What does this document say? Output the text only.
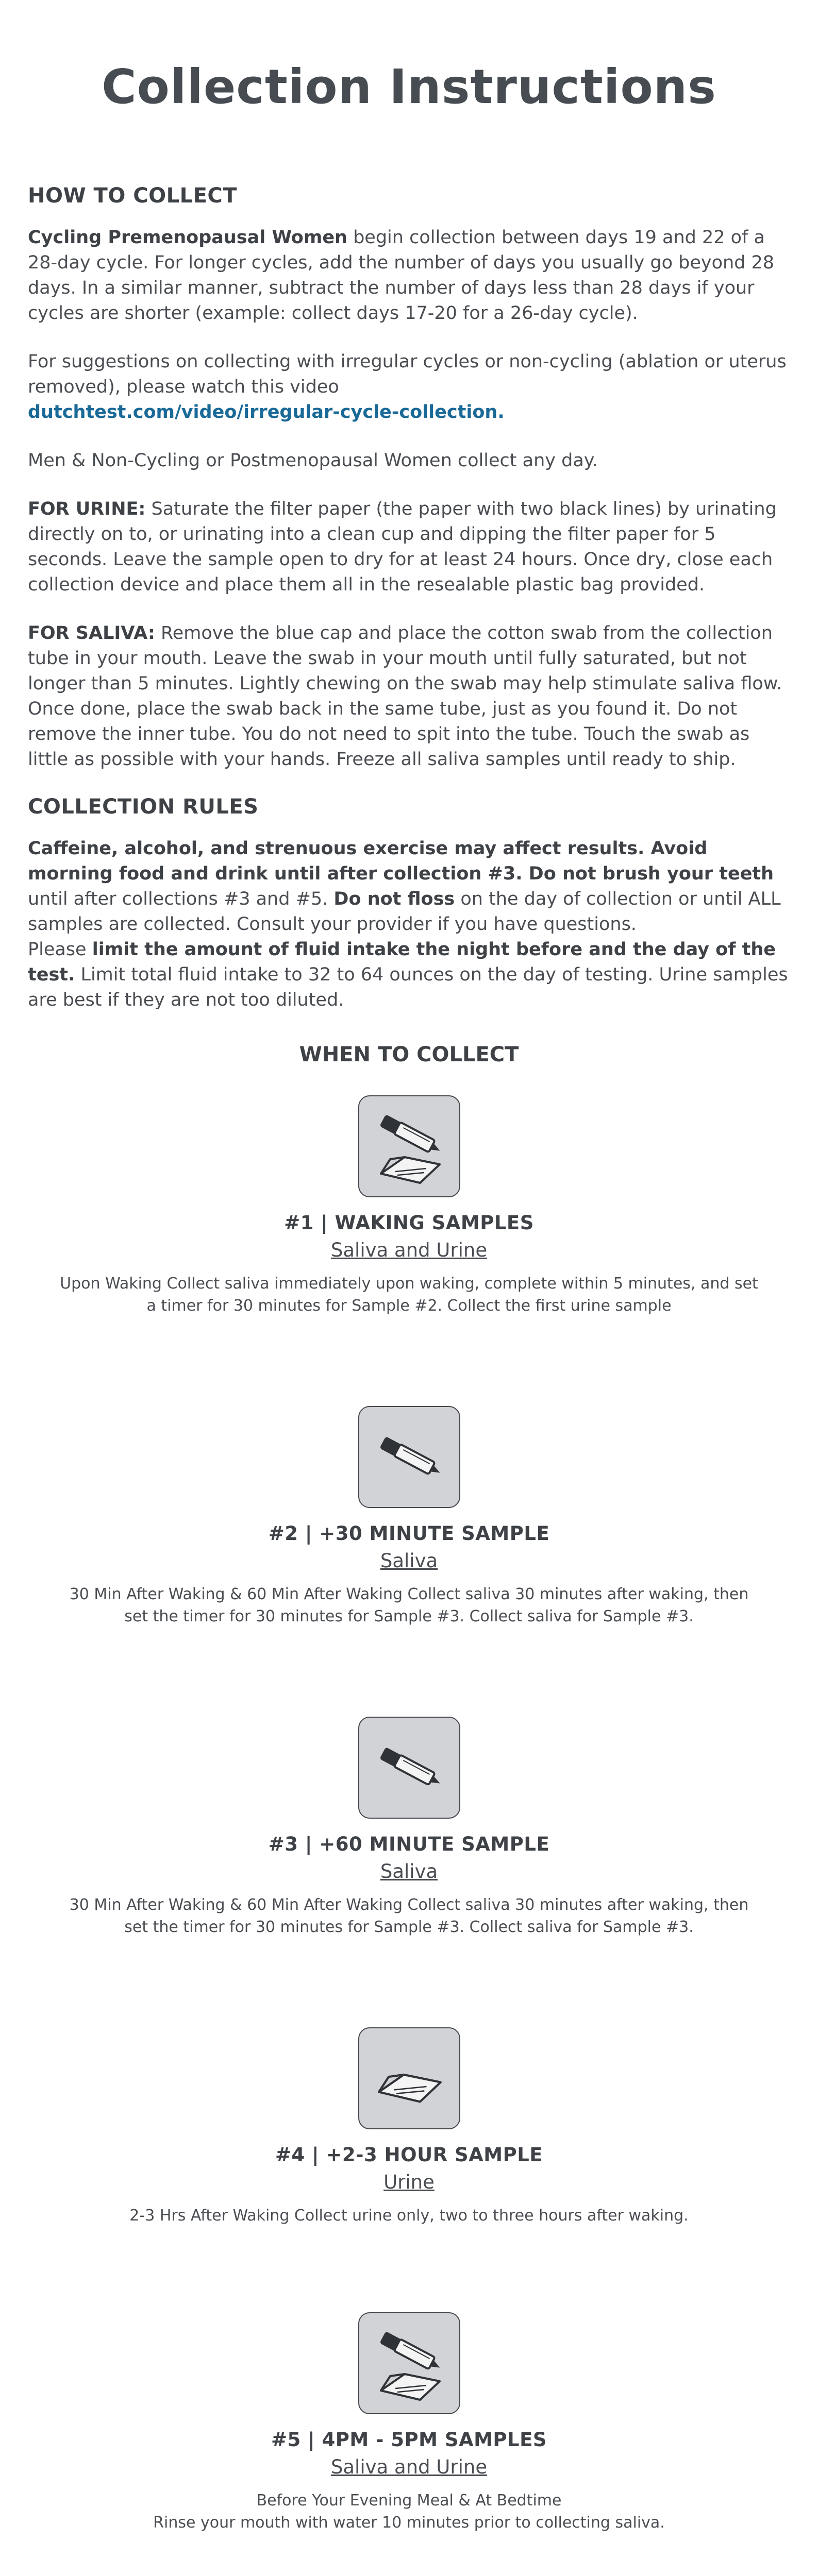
Collection Instructions
HOW TO COLLECT

Cycling Premenopausal Women begin collection between days 19 and 22 of a 28-day cycle. For longer cycles, add the number of days you usually go beyond 28 days. In a similar manner, subtract the number of days less than 28 days if your cycles are shorter (example: collect days 17-20 for a 26-day cycle).

For suggestions on collecting with irregular cycles or non-cycling (ablation or uterus removed), please watch this video
dutchtest.com/video/irregular-cycle-collection.

Men & Non-Cycling or Postmenopausal Women collect any day.

FOR URINE: Saturate the filter paper (the paper with two black lines) by urinating directly on to, or urinating into a clean cup and dipping the filter paper for 5 seconds. Leave the sample open to dry for at least 24 hours. Once dry, close each collection device and place them all in the resealable plastic bag provided.

FOR SALIVA: Remove the blue cap and place the cotton swab from the collection tube in your mouth. Leave the swab in your mouth until fully saturated, but not longer than 5 minutes. Lightly chewing on the swab may help stimulate saliva flow. Once done, place the swab back in the same tube, just as you found it. Do not remove the inner tube. You do not need to spit into the tube. Touch the swab as little as possible with your hands. Freeze all saliva samples until ready to ship.

COLLECTION RULES

Caffeine, alcohol, and strenuous exercise may affect results. Avoid morning food and drink until after collection #3. Do not brush your teeth until after collections #3 and #5. Do not floss on the day of collection or until ALL samples are collected. Consult your provider if you have questions.
Please limit the amount of fluid intake the night before and the day of the test. Limit total fluid intake to 32 to 64 ounces on the day of testing. Urine samples are best if they are not too diluted.

WHEN TO COLLECT
#1 | WAKING SAMPLES
Saliva and Urine
Upon Waking Collect saliva immediately upon waking, complete within 5 minutes, and set a timer for 30 minutes for Sample #2. Collect the first urine sample
#2 | +30 MINUTE SAMPLE
Saliva
30 Min After Waking & 60 Min After Waking Collect saliva 30 minutes after waking, then set the timer for 30 minutes for Sample #3. Collect saliva for Sample #3.
#3 | +60 MINUTE SAMPLE
Saliva
30 Min After Waking & 60 Min After Waking Collect saliva 30 minutes after waking, then set the timer for 30 minutes for Sample #3. Collect saliva for Sample #3.
#4 | +2-3 HOUR SAMPLE
Urine
2-3 Hrs After Waking Collect urine only, two to three hours after waking.
#5 | 4PM - 5PM SAMPLES
Saliva and Urine
Before Your Evening Meal & At Bedtime
Rinse your mouth with water 10 minutes prior to collecting saliva.
